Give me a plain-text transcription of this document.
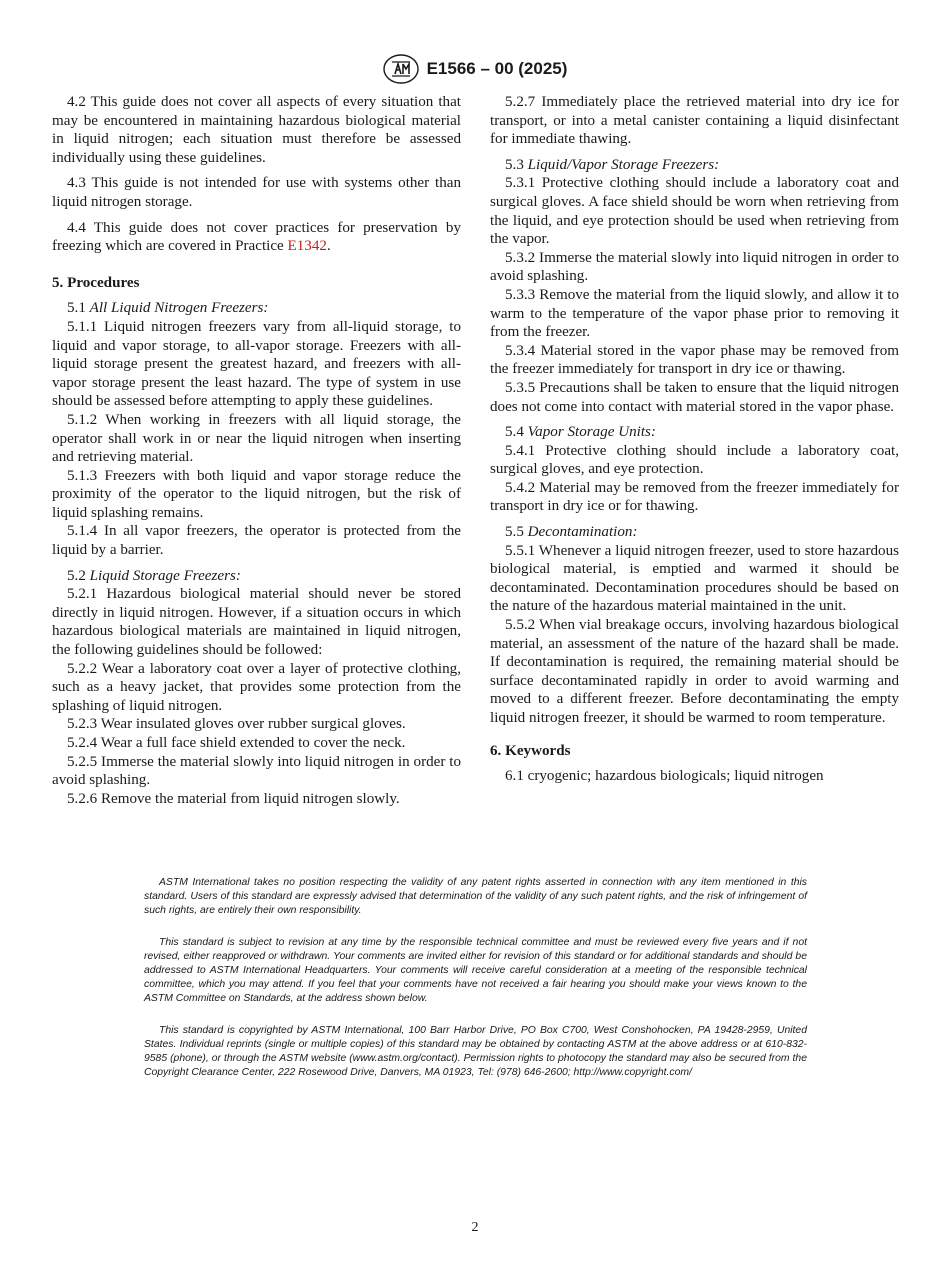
E1566 – 00 (2025)

4.2 This guide does not cover all aspects of every situation that may be encountered in maintaining hazardous biological material in liquid nitrogen; each situation must therefore be assessed individually using these guidelines.

4.3 This guide is not intended for use with systems other than liquid nitrogen storage.

4.4 This guide does not cover practices for preservation by freezing which are covered in Practice E1342.

5. Procedures

5.1 All Liquid Nitrogen Freezers:

5.1.1 Liquid nitrogen freezers vary from all-liquid storage, to liquid and vapor storage, to all-vapor storage. Freezers with all-liquid storage present the greatest hazard, and freezers with all-vapor storage present the least hazard. The type of system in use should be assessed before attempting to apply these guidelines.

5.1.2 When working in freezers with all liquid storage, the operator shall work in or near the liquid nitrogen when inserting and retrieving material.

5.1.3 Freezers with both liquid and vapor storage reduce the proximity of the operator to the liquid nitrogen, but the risk of liquid splashing remains.

5.1.4 In all vapor freezers, the operator is protected from the liquid by a barrier.

5.2 Liquid Storage Freezers:

5.2.1 Hazardous biological material should never be stored directly in liquid nitrogen. However, if a situation occurs in which hazardous biological materials are maintained in liquid nitrogen, the following guidelines should be followed:

5.2.2 Wear a laboratory coat over a layer of protective clothing, such as a heavy jacket, that provides some protection from the splashing of liquid nitrogen.

5.2.3 Wear insulated gloves over rubber surgical gloves.

5.2.4 Wear a full face shield extended to cover the neck.

5.2.5 Immerse the material slowly into liquid nitrogen in order to avoid splashing.

5.2.6 Remove the material from liquid nitrogen slowly.

5.2.7 Immediately place the retrieved material into dry ice for transport, or into a metal canister containing a liquid disinfectant for immediate thawing.

5.3 Liquid/Vapor Storage Freezers:

5.3.1 Protective clothing should include a laboratory coat and surgical gloves. A face shield should be worn when retrieving from the liquid, and eye protection should be used when retrieving from the vapor.

5.3.2 Immerse the material slowly into liquid nitrogen in order to avoid splashing.

5.3.3 Remove the material from the liquid slowly, and allow it to warm to the temperature of the vapor phase prior to removing it from the freezer.

5.3.4 Material stored in the vapor phase may be removed from the freezer immediately for transport in dry ice or thawing.

5.3.5 Precautions shall be taken to ensure that the liquid nitrogen does not come into contact with material stored in the vapor phase.

5.4 Vapor Storage Units:

5.4.1 Protective clothing should include a laboratory coat, surgical gloves, and eye protection.

5.4.2 Material may be removed from the freezer immediately for transport in dry ice or for thawing.

5.5 Decontamination:

5.5.1 Whenever a liquid nitrogen freezer, used to store hazardous biological material, is emptied and warmed it should be decontaminated. Decontamination procedures should be based on the nature of the hazardous material maintained in the unit.

5.5.2 When vial breakage occurs, involving hazardous biological material, an assessment of the nature of the hazard shall be made. If decontamination is required, the remaining material should be surface decontaminated rapidly in order to avoid warming and moved to a different freezer. Before decontaminating the empty liquid nitrogen freezer, it should be warmed to room temperature.

6. Keywords

6.1 cryogenic; hazardous biologicals; liquid nitrogen

ASTM International takes no position respecting the validity of any patent rights asserted in connection with any item mentioned in this standard. Users of this standard are expressly advised that determination of the validity of any such patent rights, and the risk of infringement of such rights, are entirely their own responsibility.

This standard is subject to revision at any time by the responsible technical committee and must be reviewed every five years and if not revised, either reapproved or withdrawn. Your comments are invited either for revision of this standard or for additional standards and should be addressed to ASTM International Headquarters. Your comments will receive careful consideration at a meeting of the responsible technical committee, which you may attend. If you feel that your comments have not received a fair hearing you should make your views known to the ASTM Committee on Standards, at the address shown below.

This standard is copyrighted by ASTM International, 100 Barr Harbor Drive, PO Box C700, West Conshohocken, PA 19428-2959, United States. Individual reprints (single or multiple copies) of this standard may be obtained by contacting ASTM at the above address or at 610-832-9585 (phone), or through the ASTM website (www.astm.org/contact). Permission rights to photocopy the standard may also be secured from the Copyright Clearance Center, 222 Rosewood Drive, Danvers, MA 01923, Tel: (978) 646-2600; http://www.copyright.com/

2
